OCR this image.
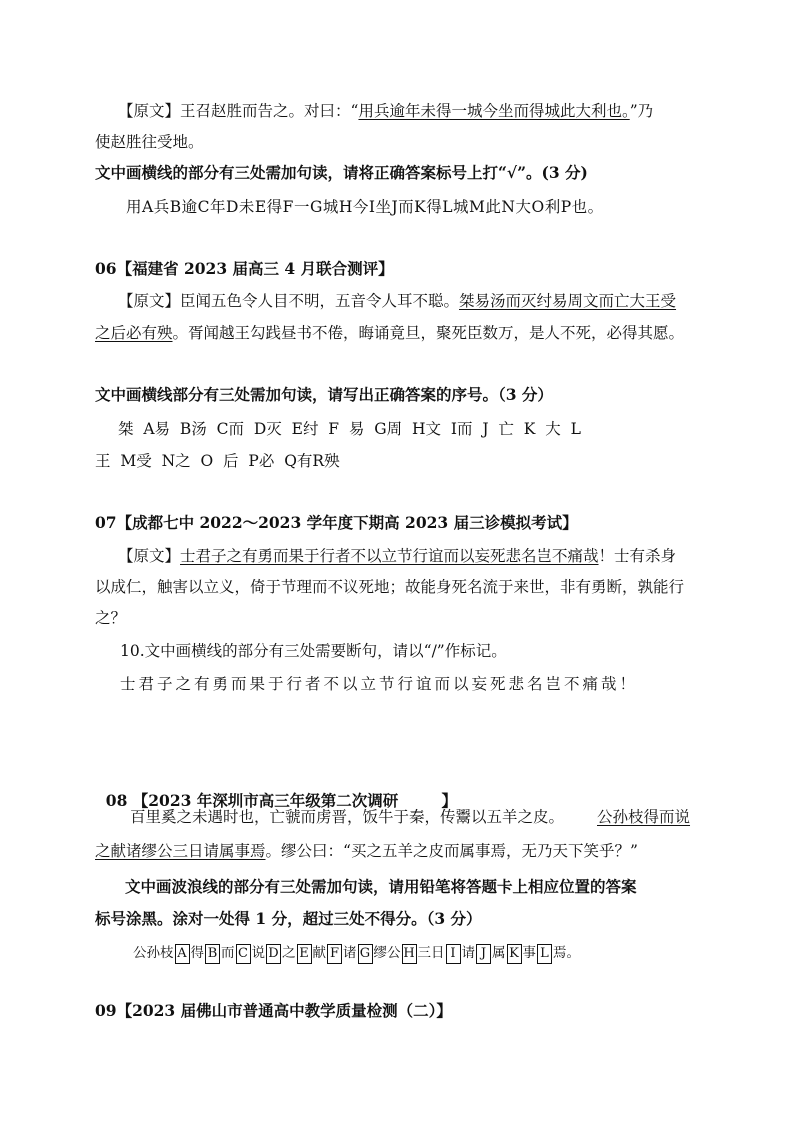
【原文】王召赵胜而告之。对曰：“用兵逾年未得一城今坐而得城此大利也。”乃
使赵胜往受地。
文中画横线的部分有三处需加句读，请将正确答案标号上打“√”。(3 分)
用A兵B逾C年D未E得F一G城H今I坐J而K得L城M此N大O利P也。
06【福建省 2023 届高三 4 月联合测评】
【原文】臣闻五色令人目不明，五音令人耳不聪。桀易汤而灭纣易周文而亡大王受
之后必有殃。胥闻越王勾践昼书不倦，晦诵竟旦，聚死臣数万，是人不死，必得其愿。
文中画横线部分有三处需加句读，请写出正确答案的序号。（3 分）
桀  A易  B汤  C而  D灭  E纣  F  易  G周  H文  I而  J  亡  K  大  L
王  M受  N之  O  后  P必  Q有R殃
07【成都七中 2022～2023 学年度下期高 2023 届三诊模拟考试】
【原文】士君子之有勇而果于行者不以立节行谊而以妄死悲名岂不痛哉！士有杀身
以成仁，触害以立义，倚于节理而不议死地；故能身死名流于来世，非有勇断，孰能行
之？
10.文中画横线的部分有三处需要断句，请以“/”作标记。
士君子之有勇而果于行者不以立节行谊而以妄死悲名岂不痛哉！

08 【2023 年深圳市高三年级第二次调研	】

百里奚之未遇时也，亡虢而虏晋，饭牛于秦，传鬻以五羊之皮。 公孙枝得而说
之献诸缪公三日请属事焉。缪公曰：“买之五羊之皮而属事焉，无乃天下笑乎？”
文中画波浪线的部分有三处需加句读，请用铅笔将答题卡上相应位置的答案
标号涂黑。涂对一处得 1 分，超过三处不得分。（3 分）
公孙枝 A 得 B 而 C 说 D 之 E 献 F 诸 G 缪公 H 三日 I 请 J 属 K 事 L 焉。
09【2023 届佛山市普通高中教学质量检测（二）】
